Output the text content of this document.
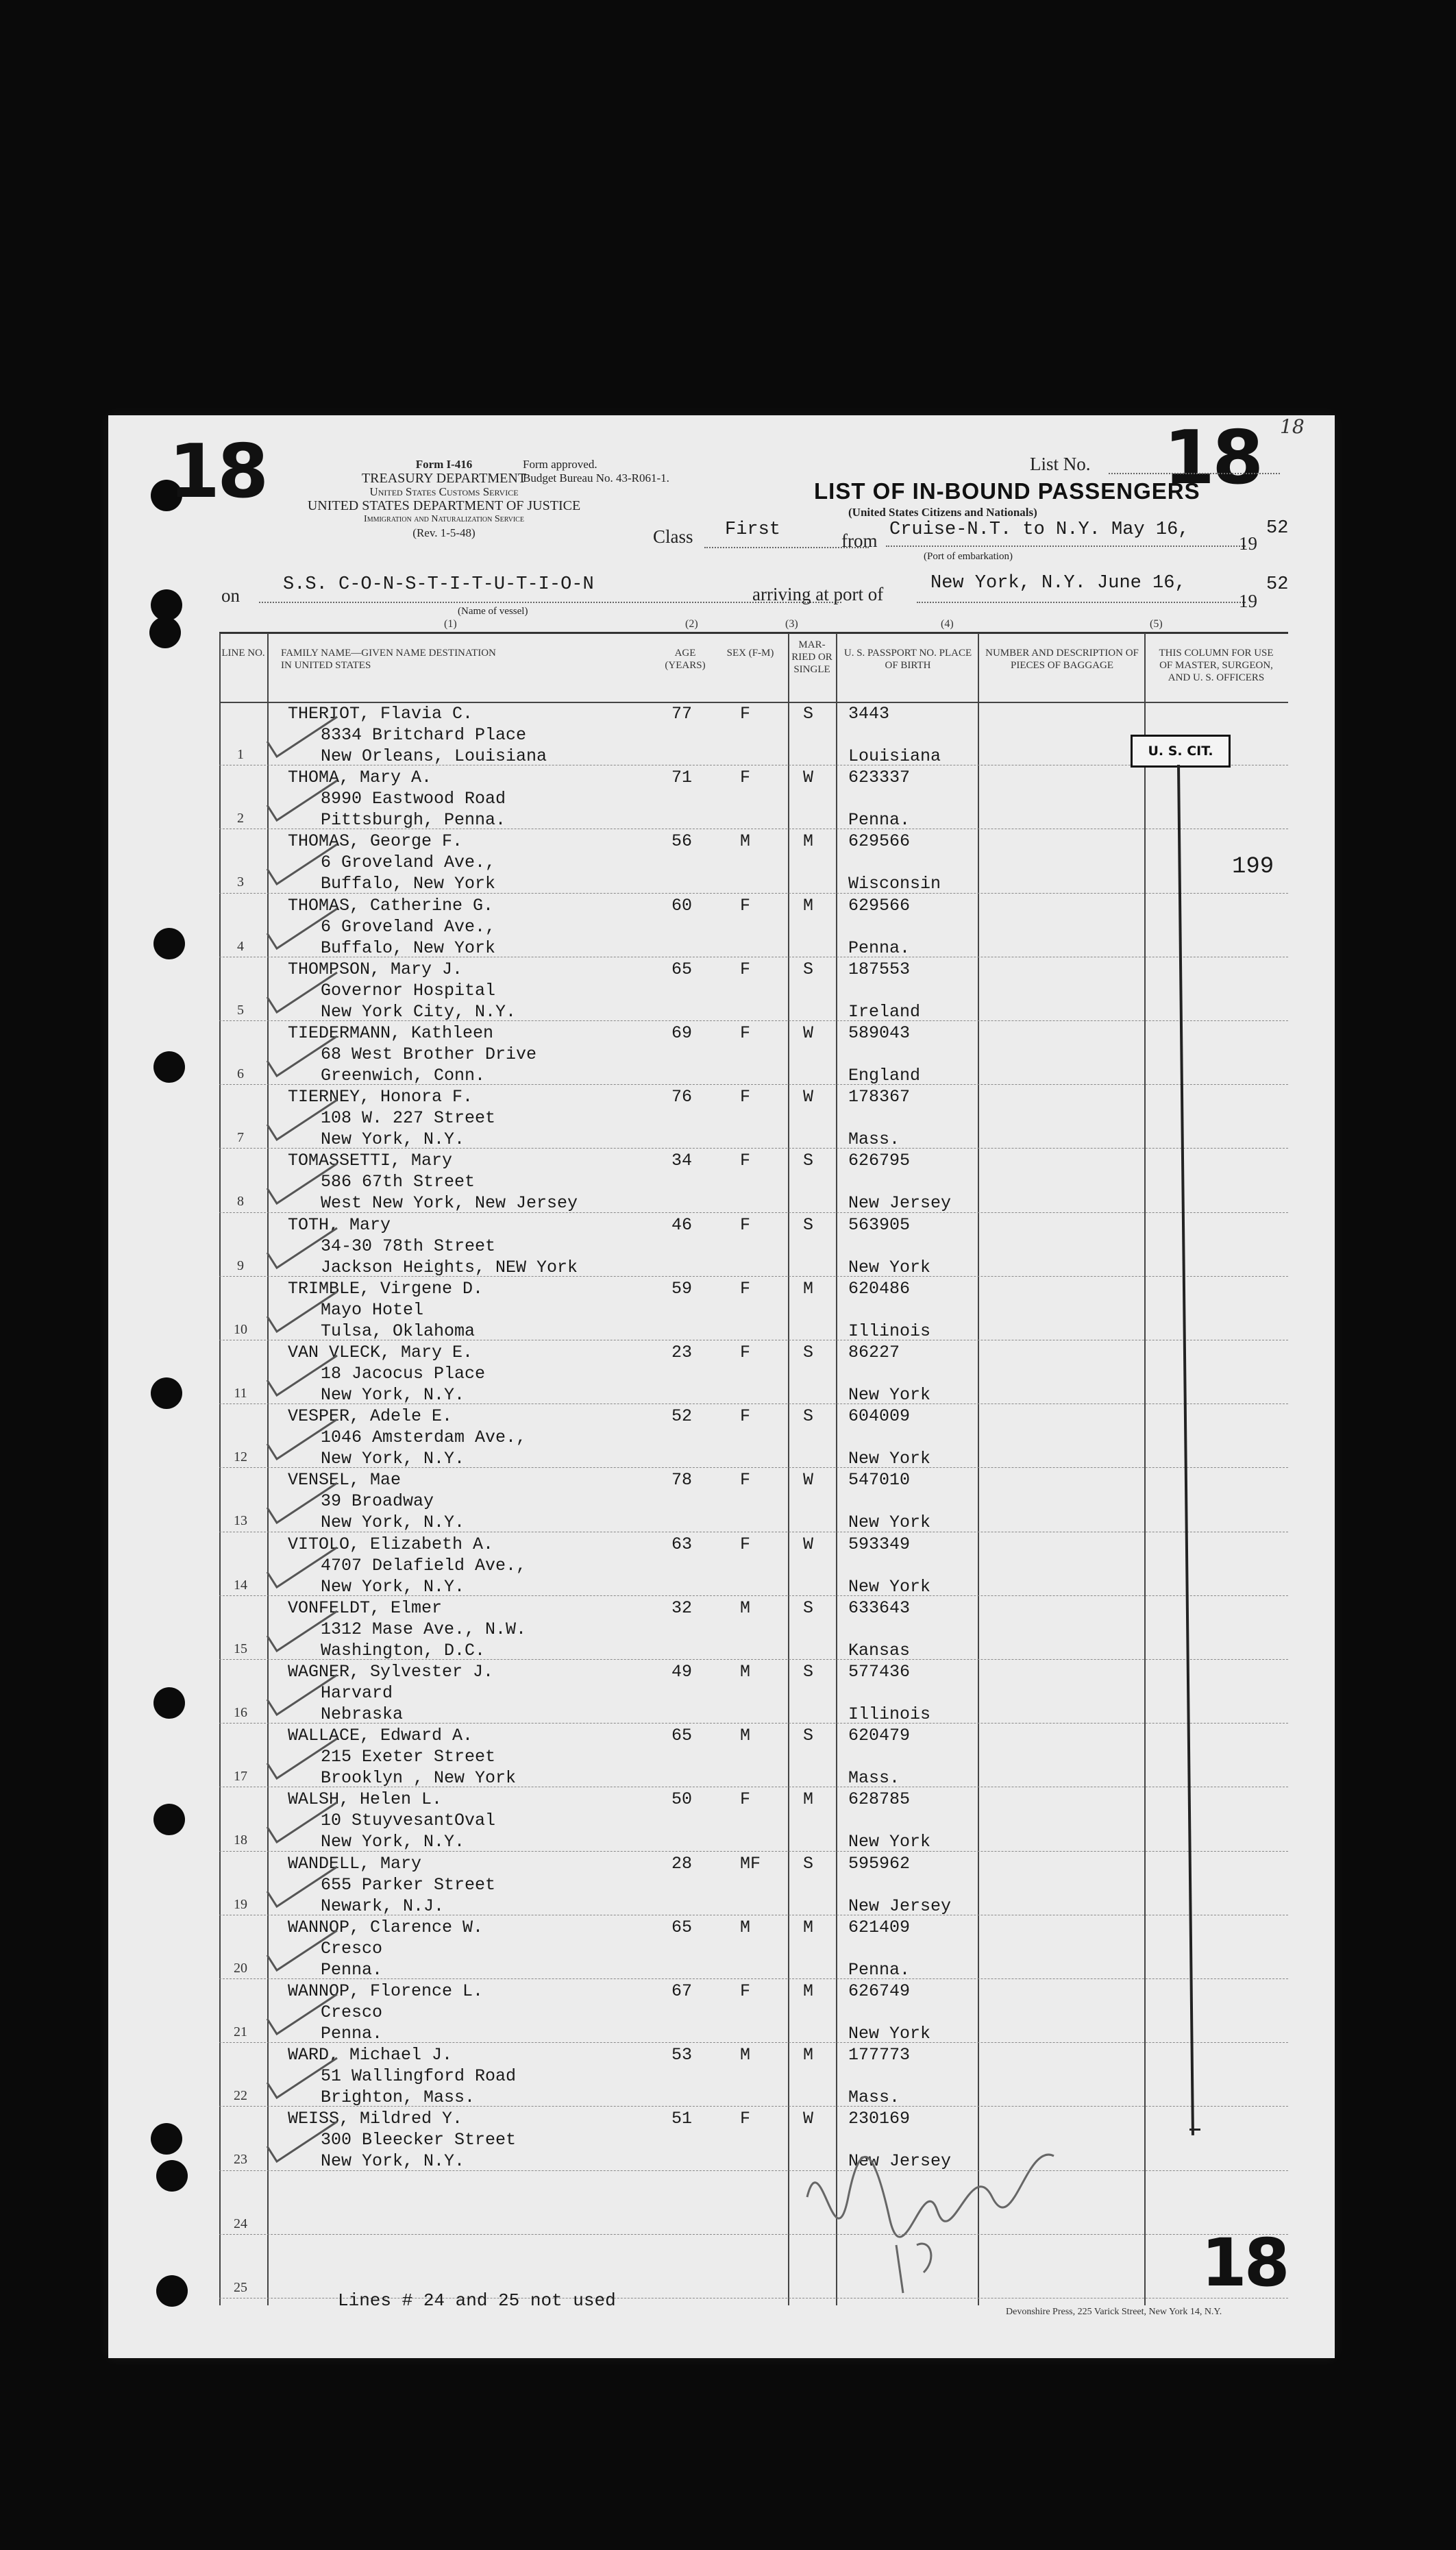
18	18
18
18
Form I-416
TREASURY DEPARTMENT
United States Customs Service
UNITED STATES DEPARTMENT OF JUSTICE
Immigration and Naturalization Service
(Rev. 1-5-48)
Form approved.
Budget Bureau No. 43-R061-1.
List No.
LIST OF IN-BOUND PASSENGERS
(United States Citizens and Nationals)
Class First
from
Cruise-N.T. to N.Y. May 16,
19
52
(Port of embarkation)
on
S.S. C-O-N-S-T-I-T-U-T-I-O-N
(Name of vessel)
arriving at port of
New York, N.Y. June 16,
19
52
(1)	(2)	(3)	(4)	(5)
LINE NO. FAMILY NAME—GIVEN NAME DESTINATION IN UNITED STATES
AGE (YEARS)
SEX (F-M)
MAR-RIED OR SINGLE
U. S. PASSPORT NO. PLACE OF BIRTH
NUMBER AND DESCRIPTION OF PIECES OF BAGGAGE
THIS COLUMN FOR USE OF MASTER, SURGEON, AND U. S. OFFICERS
1
THERIOT, Flavia C.
8334 Britchard Place
New Orleans, Louisiana
77	F	S 3443
Louisiana
2
THOMA, Mary A.
8990 Eastwood Road
Pittsburgh, Penna.
71	F	W 623337
Penna.
3
THOMAS, George F.
6 Groveland Ave.,
Buffalo, New York
56	M	M 629566
Wisconsin
4
THOMAS, Catherine G.
6 Groveland Ave.,
Buffalo, New York
60	F	M 629566
Penna.
5
THOMPSON, Mary J.
Governor Hospital
New York City, N.Y.
65	F	S 187553
Ireland
6
TIEDERMANN, Kathleen
68 West Brother Drive
Greenwich, Conn.
69	F	W 589043
England
7
TIERNEY, Honora F.
108 W. 227 Street
New York, N.Y.
76	F	W 178367
Mass.
8
TOMASSETTI, Mary
586 67th Street
West New York, New Jersey
34	F	S 626795
New Jersey
9
TOTH, Mary
34-30 78th Street
Jackson Heights, NEW York
46	F	S 563905
New York
10
TRIMBLE, Virgene D.
Mayo Hotel
Tulsa, Oklahoma
59	F	M 620486
Illinois
11
VAN VLECK, Mary E.
18 Jacocus Place
New York, N.Y.
23	F	S 86227
New York
12
VESPER, Adele E.
1046 Amsterdam Ave.,
New York, N.Y.
52	F	S 604009
New York
13
VENSEL, Mae
39 Broadway
New York, N.Y.
78	F	W 547010
New York
14
VITOLO, Elizabeth A.
4707 Delafield Ave.,
New York, N.Y.
63	F	W 593349
New York
15
VONFELDT, Elmer
1312 Mase Ave., N.W.
Washington, D.C.
32	M	S 633643
Kansas
16
WAGNER, Sylvester J.
Harvard
Nebraska
49	M	S 577436
Illinois
17
WALLACE, Edward A.
215 Exeter Street
Brooklyn , New York
65	M	S 620479
Mass.
18
WALSH, Helen L.
10 StuyvesantOval
New York, N.Y.
50	F	M 628785
New York
19
WANDELL, Mary
655 Parker Street
Newark, N.J.
28	MF S 595962
New Jersey
20
WANNOP, Clarence W.
Cresco
Penna.
65	M	M 621409
Penna.
21
WANNOP, Florence L.
Cresco
Penna.
67	F	M 626749
New York
22
WARD, Michael J.
51 Wallingford Road
Brighton, Mass.
53	M	M 177773
Mass.
23
WEISS, Mildred Y.
300 Bleecker Street
New York, N.Y.
51	F	W 230169
New Jersey
24
25
U. S. CIT.
199
Lines # 24 and 25 not used
Devonshire Press, 225 Varick Street, New York 14, N.Y.
